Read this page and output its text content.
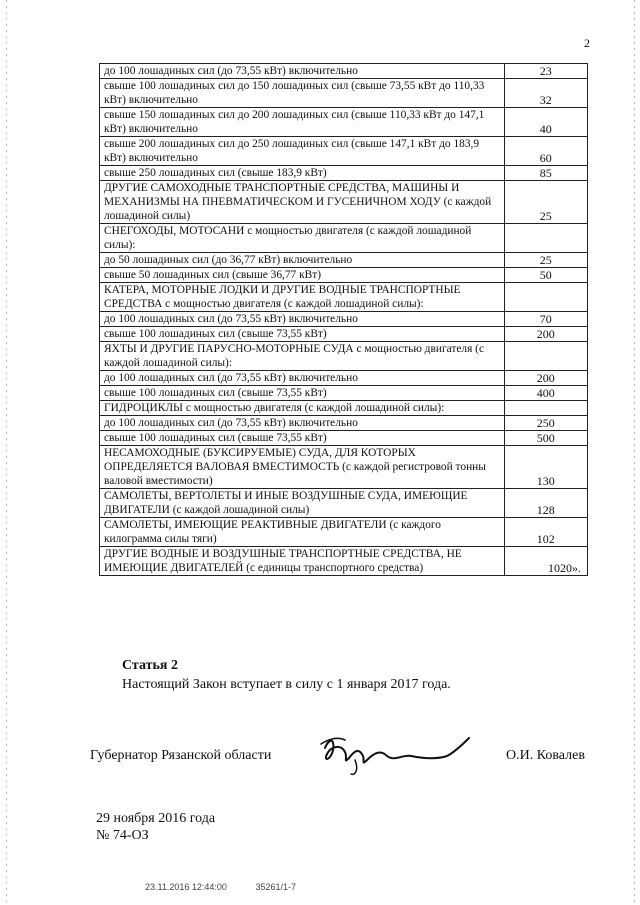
2
до 100 лошадиных сил (до 73,55 кВт) включительно	23
свыше 100 лошадиных сил до 150 лошадиных сил (свыше 73,55 кВт до 110,33 кВт) включительно	32
свыше 150 лошадиных сил до 200 лошадиных сил (свыше 110,33 кВт до 147,1 кВт) включительно	40
свыше 200 лошадиных сил до 250 лошадиных сил (свыше 147,1 кВт до 183,9 кВт) включительно	60
свыше 250 лошадиных сил (свыше 183,9 кВт)	85
ДРУГИЕ САМОХОДНЫЕ ТРАНСПОРТНЫЕ СРЕДСТВА, МАШИНЫ И МЕХАНИЗМЫ НА ПНЕВМАТИЧЕСКОМ И ГУСЕНИЧНОМ ХОДУ (с каждой лошадиной силы)	25
СНЕГОХОДЫ, МОТОСАНИ с мощностью двигателя (с каждой лошадиной силы):	
до 50 лошадиных сил (до 36,77 кВт) включительно	25
свыше 50 лошадиных сил (свыше 36,77 кВт)	50
КАТЕРА, МОТОРНЫЕ ЛОДКИ И ДРУГИЕ ВОДНЫЕ ТРАНСПОРТНЫЕ СРЕДСТВА с мощностью двигателя (с каждой лошадиной силы):	
до 100 лошадиных сил (до 73,55 кВт) включительно	70
свыше 100 лошадиных сил (свыше 73,55 кВт)	200
ЯХТЫ И ДРУГИЕ ПАРУСНО-МОТОРНЫЕ СУДА с мощностью двигателя (с каждой лошадиной силы):	
до 100 лошадиных сил (до 73,55 кВт) включительно	200
свыше 100 лошадиных сил (свыше 73,55 кВт)	400
ГИДРОЦИКЛЫ с мощностью двигателя (с каждой лошадиной силы):	
до 100 лошадиных сил (до 73,55 кВт) включительно	250
свыше 100 лошадиных сил (свыше 73,55 кВт)	500
НЕСАМОХОДНЫЕ (БУКСИРУЕМЫЕ) СУДА, ДЛЯ КОТОРЫХ ОПРЕДЕЛЯЕТСЯ ВАЛОВАЯ ВМЕСТИМОСТЬ (с каждой регистровой тонны валовой вместимости)	130
САМОЛЕТЫ, ВЕРТОЛЕТЫ И ИНЫЕ ВОЗДУШНЫЕ СУДА, ИМЕЮЩИЕ ДВИГАТЕЛИ (с каждой лошадиной силы)	128
САМОЛЕТЫ, ИМЕЮЩИЕ РЕАКТИВНЫЕ ДВИГАТЕЛИ (с каждого килограмма силы тяги)	102
ДРУГИЕ ВОДНЫЕ И ВОЗДУШНЫЕ ТРАНСПОРТНЫЕ СРЕДСТВА, НЕ ИМЕЮЩИЕ ДВИГАТЕЛЕЙ (с единицы транспортного средства)	1020».
Статья 2
Настоящий Закон вступает в силу с 1 января 2017 года.
Губернатор Рязанской области	О.И. Ковалев
29 ноября 2016 года
№ 74-ОЗ
23.11.2016 12:44:00	35261/1-7
